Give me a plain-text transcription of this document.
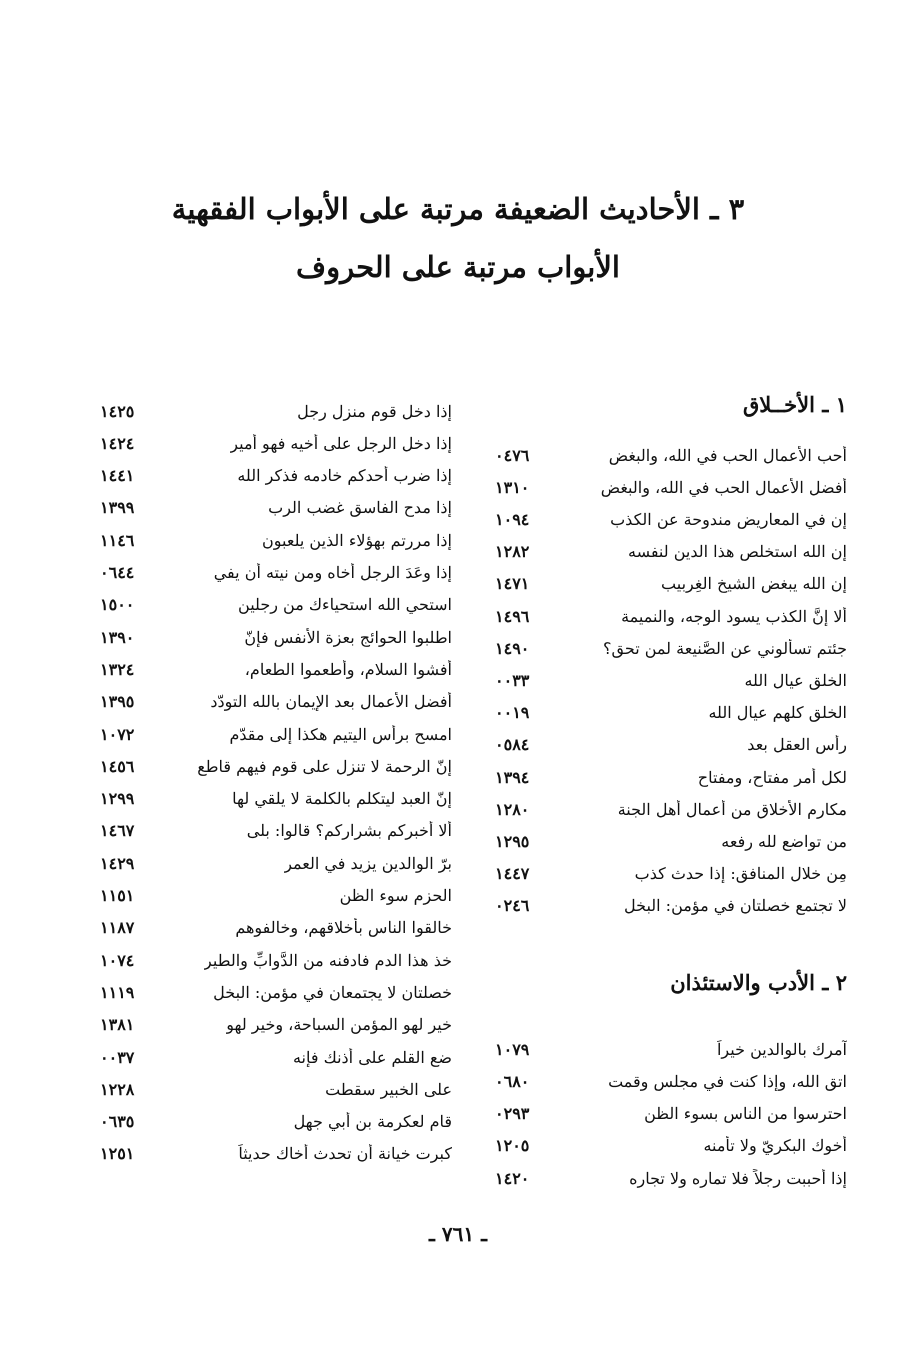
٣ ـ الأحاديث الضعيفة مرتبة على الأبواب الفقهية
الأبواب مرتبة على الحروف
١ ـ الأخــلاق
أحب الأعمال الحب في الله، والبغض
٠٤٧٦
أفضل الأعمال الحب في الله، والبغض
١٣١٠
إن في المعاريض مندوحة عن الكذب
١٠٩٤
إن الله استخلص هذا الدين لنفسه
١٢٨٢
إن الله يبغض الشيخ الغِربيب
١٤٧١
ألا إنَّ الكذب يسود الوجه، والنميمة
١٤٩٦
جئتم تسألوني عن الصَّنيعة لمن تحق؟
١٤٩٠
الخلق عيال الله
٠٠٣٣
الخلق كلهم عيال الله
٠٠١٩
رأس العقل بعد
٠٥٨٤
لكل أمر مفتاح، ومفتاح
١٣٩٤
مكارم الأخلاق من أعمال أهل الجنة
١٢٨٠
من تواضع لله رفعه
١٢٩٥
مِن خلال المنافق: إذا حدث كذب
١٤٤٧
لا تجتمع خصلتان في مؤمن: البخل
٠٢٤٦
٢ ـ الأدب والاستئذان
آمرك بالوالدين خيراً
١٠٧٩
اتق الله، وإذا كنت في مجلس وقمت
٠٦٨٠
احترسوا من الناس بسوء الظن
٠٢٩٣
أخوك البكريّ ولا تأمنه
١٢٠٥
إذا أحببت رجلاً فلا تماره ولا تجاره
١٤٢٠
إذا دخل قوم منزل رجل
١٤٢٥
إذا دخل الرجل على أخيه فهو أمير
١٤٢٤
إذا ضرب أحدكم خادمه فذكر الله
١٤٤١
إذا مدح الفاسق غضب الرب
١٣٩٩
إذا مررتم بهؤلاء الذين يلعبون
١١٤٦
إذا وعَدَ الرجل أخاه ومن نيته أن يفي
٠٦٤٤
استحي الله استحياءك من رجلين
١٥٠٠
اطلبوا الحوائج بعزة الأنفس فإنّ
١٣٩٠
أفشوا السلام، وأطعموا الطعام،
١٣٢٤
أفضل الأعمال بعد الإيمان بالله التودّد
١٣٩٥
امسح برأس اليتيم هكذا إلى مقدّم
١٠٧٢
إنّ الرحمة لا تنزل على قوم فيهم قاطع
١٤٥٦
إنّ العبد ليتكلم بالكلمة لا يلقي لها
١٢٩٩
ألا أخبركم بشراركم؟ قالوا: بلى
١٤٦٧
برّ الوالدين يزيد في العمر
١٤٢٩
الحزم سوء الظن
١١٥١
خالقوا الناس بأخلاقهم، وخالفوهم
١١٨٧
خذ هذا الدم فادفنه من الدَّوابِّ والطير
١٠٧٤
خصلتان لا يجتمعان في مؤمن: البخل
١١١٩
خير لهو المؤمن السباحة، وخير لهو
١٣٨١
ضع القلم على أذنك فإنه
٠٠٣٧
على الخبير سقطت
١٢٢٨
قام لعكرمة بن أبي جهل
٠٦٣٥
كبرت خيانة أن تحدث أخاك حديثاً
١٢٥١
ـ ٧٦١ ـ
